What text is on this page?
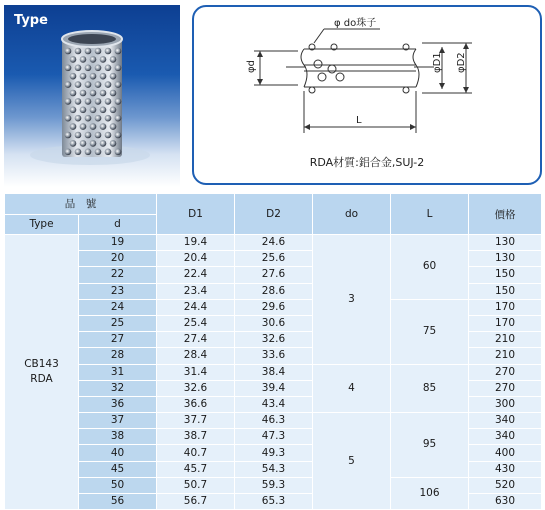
Type	φ do珠子
φd	φD1 φD2
L
RDA材質:鋁合金,SUJ-2
品　號		D1	D2	do	L	價格
Type	d					
CB143
RDA	19	19.4	24.6	3	60	130
	20	20.4	25.6			130
	22	22.4	27.6			150
	23	23.4	28.6			150
	24	24.4	29.6		75	170
	25	25.4	30.6			170
	27	27.4	32.6			210
	28	28.4	33.6			210
	31	31.4	38.4	4	85	270
	32	32.6	39.4			270
	36	36.6	43.4			300
	37	37.7	46.3	5	95	340
	38	38.7	47.3			340
	40	40.7	49.3			400
	45	45.7	54.3			430
	50	50.7	59.3		106	520
	56	56.7	65.3			630
